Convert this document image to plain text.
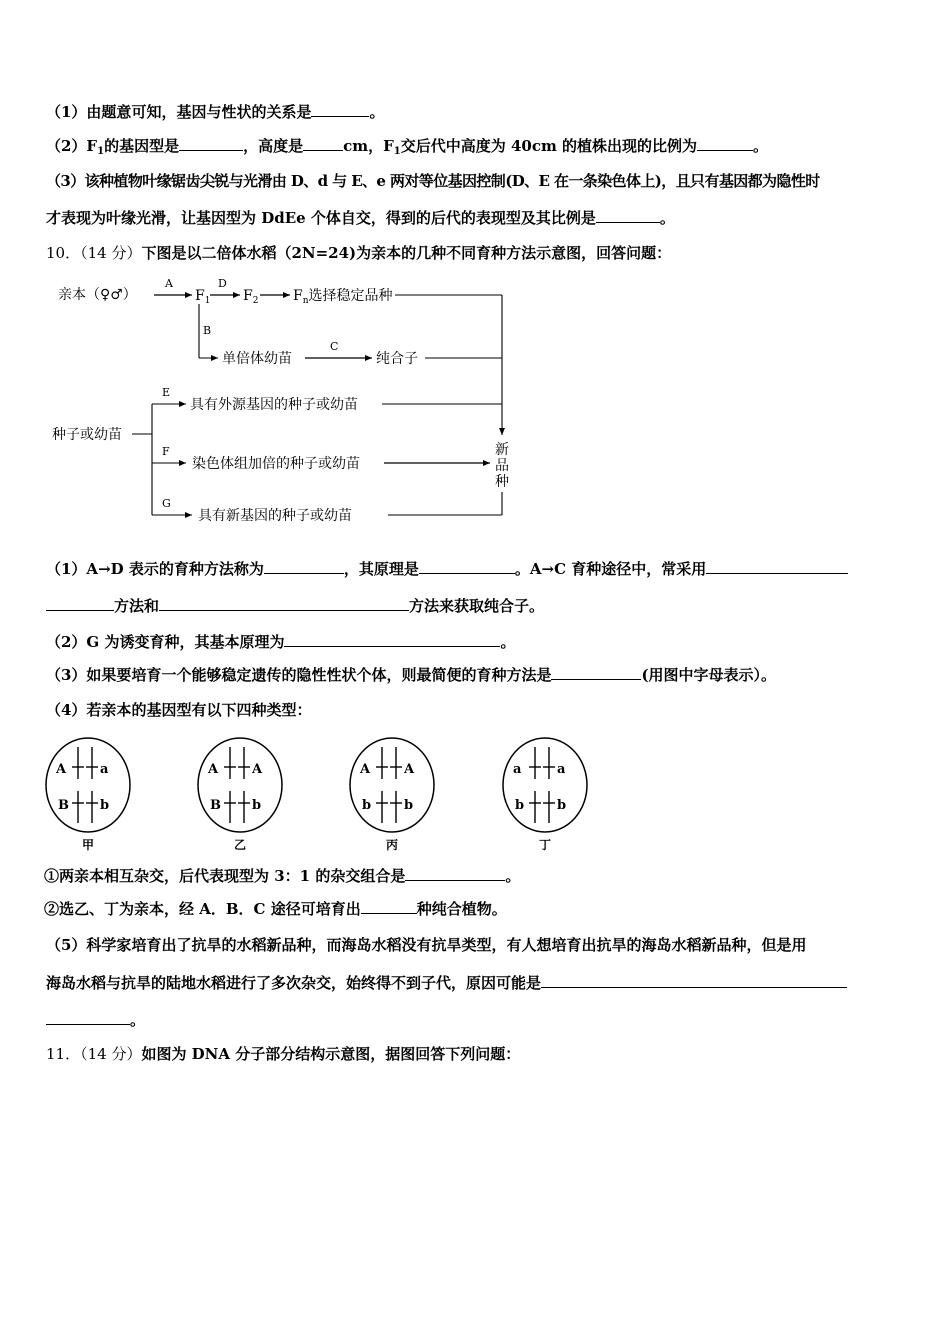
（1）由题意可知，基因与性状的关系是	。
$(2)F_1$的基因型是	，高度是	cm，$F_1$交后代中高度为 40cm 的植株出现的比例为	。
（3）该种植物叶缘锯齿尖锐与光滑由 D、d 与 E、e 两对等位基因控制(D、E 在一条染色体上)，且只有基因都为隐性时
才表现为叶缘光滑，让基因型为 DdEe 个体自交，得到的后代的表现型及其比例是	。
10．（14 分）下图是以二倍体水稻（2N=24)为亲本的几种不同育种方法示意图，回答问题：
亲本（♀♂）
A
$F_1$
D
$F_2$ $F_n$选择稳定品种
B
单倍体幼苗
C
纯合子
新
品
种
种子或幼苗
E
具有外源基因的种子或幼苗
F
染色体组加倍的种子或幼苗
G
具有新基因的种子或幼苗
（1）A→D 表示的育种方法称为	，其原理是	。A→C 育种途径中，常采用
方法和	方法来获取纯合子。
（2）G 为诱变育种，其基本原理为	。
（3）如果要培育一个能够稳定遗传的隐性性状个体，则最简便的育种方法是	(用图中字母表示）。
（4）若亲本的基因型有以下四种类型：
A	a
B b
甲
A	A
B b
乙
A	A
b	b
丙
a	a
b	b
丁
①两亲本相互杂交，后代表现型为 3：1 的杂交组合是	。
②选乙、丁为亲本，经 A．B．C 途径可培育出	种纯合植物。
（5）科学家培育出了抗旱的水稻新品种，而海岛水稻没有抗旱类型，有人想培育出抗旱的海岛水稻新品种，但是用
海岛水稻与抗旱的陆地水稻进行了多次杂交，始终得不到子代，原因可能是
。
11．（14 分）如图为 DNA 分子部分结构示意图，据图回答下列问题：
